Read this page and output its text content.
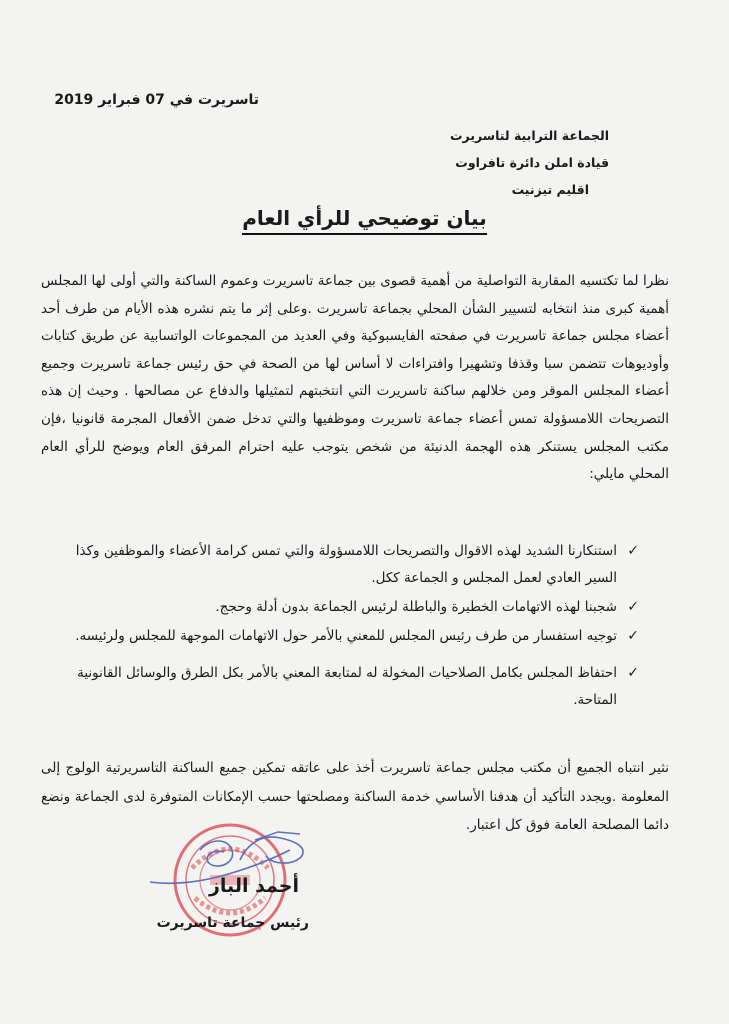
تاسريرت في 07 فبراير 2019
الجماعة الترابية لتاسريرت
قيادة املن دائرة تافراوت
اقليم تيزنيت
بيان توضيحي للرأي العام
نظرا لما تكتسيه المقاربة التواصلية من أهمية قصوى بين جماعة تاسريرت وعموم الساكنة والتي أولى لها المجلس أهمية كبرى منذ انتخابه لتسيير الشأن المحلي بجماعة تاسريرت .وعلى إثر ما يتم نشره هذه الأيام من طرف أحد أعضاء مجلس جماعة تاسريرت في صفحته الفايسبوكية وفي العديد من المجموعات الواتسابية عن طريق كتابات وأوديوهات تتضمن سبا وقذفا وتشهيرا وافتراءات لا أساس لها من الصحة في حق رئيس جماعة تاسريرت وجميع أعضاء المجلس الموقر ومن خلالهم ساكنة تاسريرت التي انتخبتهم لتمثيلها والدفاع عن مصالحها . وحيث إن هذه التصريحات اللامسؤولة تمس أعضاء جماعة تاسريرت وموظفيها والتي تدخل ضمن الأفعال المجرمة قانونيا ،فإن مكتب المجلس يستنكر هذه الهجمة الدنيئة من شخص يتوجب عليه احترام المرفق العام ويوضح للرأي العام المحلي مايلي:
✓
استنكارنا الشديد لهذه الاقوال والتصريحات اللامسؤولة والتي تمس كرامة الأعضاء والموظفين وكذا السير العادي لعمل المجلس و الجماعة ككل.
✓
شجبنا لهذه الاتهامات الخطيرة والباطلة لرئيس الجماعة بدون أدلة وحجج.
✓
توجيه استفسار من طرف رئيس المجلس للمعني بالأمر حول الاتهامات الموجهة للمجلس ولرئيسه.
✓
احتفاظ المجلس بكامل الصلاحيات المخولة له لمتابعة المعني بالأمر بكل الطرق والوسائل القانونية المتاحة.
نثير انتباه الجميع أن مكتب مجلس جماعة تاسريرت أخذ على عاتقه تمكين جميع الساكنة التاسريرتية الولوج إلى المعلومة .ويجدد التأكيد أن هدفنا الأساسي خدمة الساكنة ومصلحتها حسب الإمكانات المتوفرة لدى الجماعة ونضع دائما المصلحة العامة فوق كل اعتبار.
أحمد الباز
رئيس جماعة تاسريرت
